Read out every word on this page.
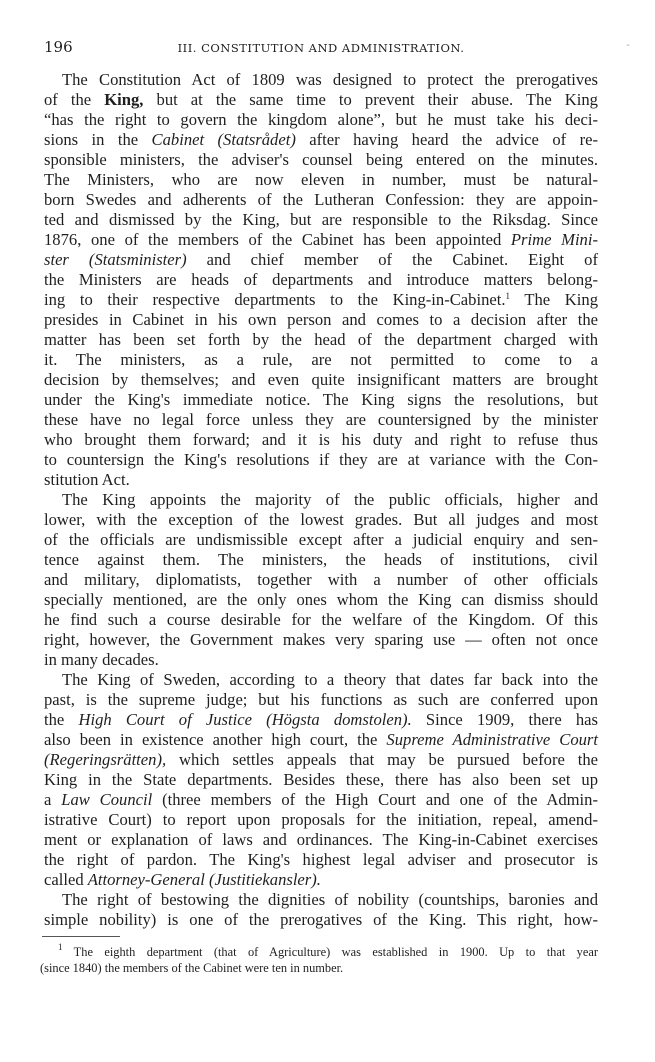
196	III. CONSTITUTION AND ADMINISTRATION.	-
The Constitution Act of 1809 was designed to protect the prerogatives
of the King, but at the same time to prevent their abuse. The King
“has the right to govern the kingdom alone”, but he must take his deci-
sions in the Cabinet (Statsrådet) after having heard the advice of re-
sponsible ministers, the adviser's counsel being entered on the minutes.
The Ministers, who are now eleven in number, must be natural-
born Swedes and adherents of the Lutheran Confession: they are appoin-
ted and dismissed by the King, but are responsible to the Riksdag. Since
1876, one of the members of the Cabinet has been appointed Prime Mini-
ster (Statsminister) and chief member of the Cabinet. Eight of
the Ministers are heads of departments and introduce matters belong-
ing to their respective departments to the King-in-Cabinet.$^1$ The King
presides in Cabinet in his own person and comes to a decision after the
matter has been set forth by the head of the department charged with
it. The ministers, as a rule, are not permitted to come to a
decision by themselves; and even quite insignificant matters are brought
under the King's immediate notice. The King signs the resolutions, but
these have no legal force unless they are countersigned by the minister
who brought them forward; and it is his duty and right to refuse thus
to countersign the King's resolutions if they are at variance with the Con-
stitution Act.
The King appoints the majority of the public officials, higher and
lower, with the exception of the lowest grades. But all judges and most
of the officials are undismissible except after a judicial enquiry and sen-
tence against them. The ministers, the heads of institutions, civil
and military, diplomatists, together with a number of other officials
specially mentioned, are the only ones whom the King can dismiss should
he find such a course desirable for the welfare of the Kingdom. Of this
right, however, the Government makes very sparing use — often not once
in many decades.
The King of Sweden, according to a theory that dates far back into the
past, is the supreme judge; but his functions as such are conferred upon
the High Court of Justice (Högsta domstolen). Since 1909, there has
also been in existence another high court, the Supreme Administrative Court
(Regeringsrätten), which settles appeals that may be pursued before the
King in the State departments. Besides these, there has also been set up
a Law Council (three members of the High Court and one of the Admin-
istrative Court) to report upon proposals for the initiation, repeal, amend-
ment or explanation of laws and ordinances. The King-in-Cabinet exercises
the right of pardon. The King's highest legal adviser and prosecutor is
called Attorney-General (Justitiekansler).
The right of bestowing the dignities of nobility (countships, baronies and
simple nobility) is one of the prerogatives of the King. This right, how-
$^1$ The eighth department (that of Agriculture) was established in 1900. Up to that year
(since 1840) the members of the Cabinet were ten in number.
